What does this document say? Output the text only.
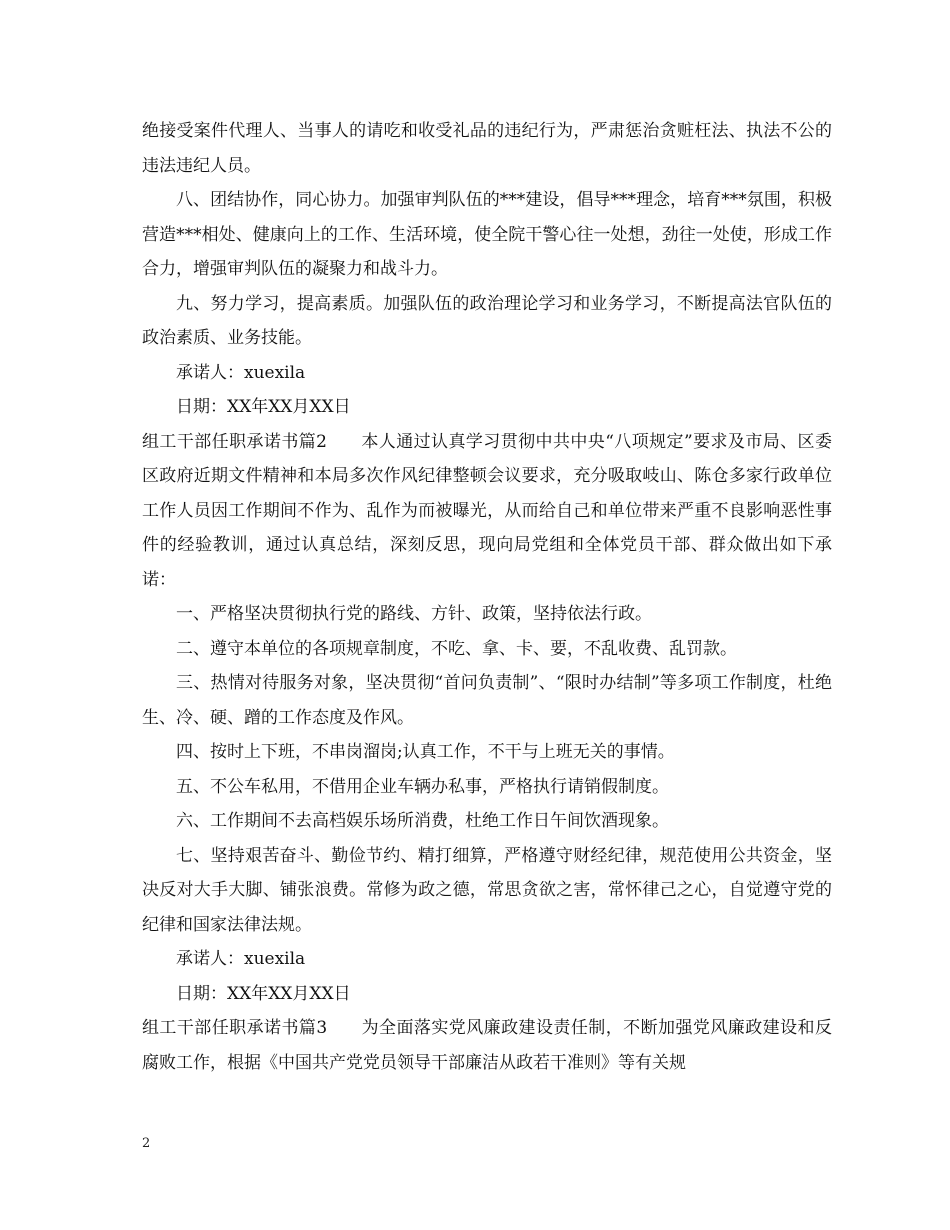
绝接受案件代理人、当事人的请吃和收受礼品的违纪行为，严肃惩治贪赃枉法、执法不公的违法违纪人员。

八、团结协作，同心协力。加强审判队伍的***建设，倡导***理念，培育***氛围，积极营造***相处、健康向上的工作、生活环境，使全院干警心往一处想，劲往一处使，形成工作合力，增强审判队伍的凝聚力和战斗力。

九、努力学习，提高素质。加强队伍的政治理论学习和业务学习，不断提高法官队伍的政治素质、业务技能。

承诺人：xuexila

日期：XX年XX月XX日

组工干部任职承诺书篇2 本人通过认真学习贯彻中共中央“八项规定”要求及市局、区委区政府近期文件精神和本局多次作风纪律整顿会议要求，充分吸取岐山、陈仓多家行政单位工作人员因工作期间不作为、乱作为而被曝光，从而给自己和单位带来严重不良影响恶性事件的经验教训，通过认真总结，深刻反思，现向局党组和全体党员干部、群众做出如下承诺：

一、严格坚决贯彻执行党的路线、方针、政策，坚持依法行政。

二、遵守本单位的各项规章制度，不吃、拿、卡、要，不乱收费、乱罚款。

三、热情对待服务对象，坚决贯彻“首问负责制”、“限时办结制”等多项工作制度，杜绝生、冷、硬、蹭的工作态度及作风。

四、按时上下班，不串岗溜岗;认真工作，不干与上班无关的事情。

五、不公车私用，不借用企业车辆办私事，严格执行请销假制度。

六、工作期间不去高档娱乐场所消费，杜绝工作日午间饮酒现象。

七、坚持艰苦奋斗、勤俭节约、精打细算，严格遵守财经纪律，规范使用公共资金，坚决反对大手大脚、铺张浪费。常修为政之德，常思贪欲之害，常怀律己之心，自觉遵守党的纪律和国家法律法规。

承诺人：xuexila

日期：XX年XX月XX日

组工干部任职承诺书篇3 为全面落实党风廉政建设责任制，不断加强党风廉政建设和反腐败工作，根据《中国共产党党员领导干部廉洁从政若干准则》等有关规

2
